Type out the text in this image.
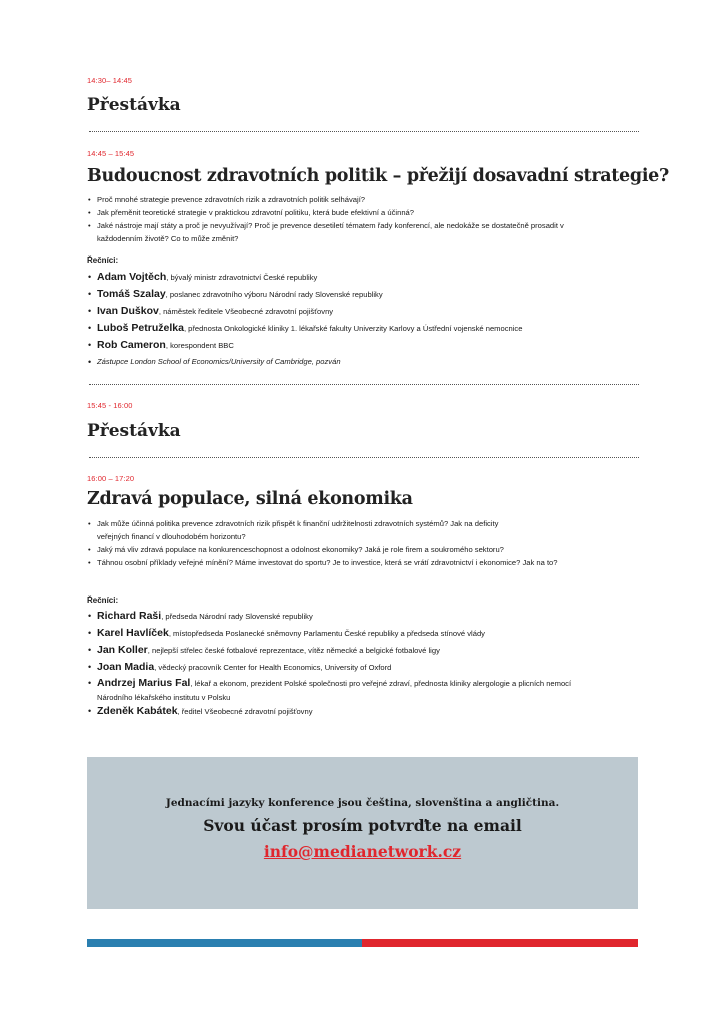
14:30– 14:45
Přestávka
14:45 – 15:45
Budoucnost zdravotních politik – přežijí dosavadní strategie?
• Proč mnohé strategie prevence zdravotních rizik a zdravotních politik selhávají?
• Jak přeměnit teoretické strategie v praktickou zdravotní politiku, která bude efektivní a účinná?
• Jaké nástroje mají státy a proč je nevyužívají? Proč je prevence desetiletí tématem řady konferencí, ale nedokáže se dostatečně prosadit v každodenním životě? Co to může změnit?
Řečníci:
• Adam Vojtěch, bývalý ministr zdravotnictví České republiky
• Tomáš Szalay, poslanec zdravotního výboru Národní rady Slovenské republiky
• Ivan Duškov, náměstek ředitele Všeobecné zdravotní pojišťovny
• Luboš Petruželka, přednosta Onkologické kliniky 1. lékařské fakulty Univerzity Karlovy a Ústřední vojenské nemocnice
• Rob Cameron, korespondent BBC
• Zástupce London School of Economics/University of Cambridge, pozván
15:45 - 16:00
Přestávka
16:00 – 17:20
Zdravá populace, silná ekonomika
• Jak může účinná politika prevence zdravotních rizik přispět k finanční udržitelnosti zdravotních systémů? Jak na deficity veřejných financí v dlouhodobém horizontu?
• Jaký má vliv zdravá populace na konkurenceschopnost a odolnost ekonomiky? Jaká je role firem a soukromého sektoru?
• Táhnou osobní příklady veřejné mínění? Máme investovat do sportu? Je to investice, která se vrátí zdravotnictví i ekonomice? Jak na to?
Řečníci:
• Richard Raši, předseda Národní rady Slovenské republiky
• Karel Havlíček, místopředseda Poslanecké sněmovny Parlamentu České republiky a předseda stínové vlády
• Jan Koller, nejlepší střelec české fotbalové reprezentace, vítěz německé a belgické fotbalové ligy
• Joan Madia, vědecký pracovník Center for Health Economics, University of Oxford
• Andrzej Marius Fal, lékař a ekonom, prezident Polské společnosti pro veřejné zdraví, přednosta kliniky alergologie a plicních nemocí Národního lékařského institutu v Polsku
• Zdeněk Kabátek, ředitel Všeobecné zdravotní pojišťovny
Jednacími jazyky konference jsou čeština, slovenština a angličtina.
Svou účast prosím potvrďte na email
info@medianetwork.cz
